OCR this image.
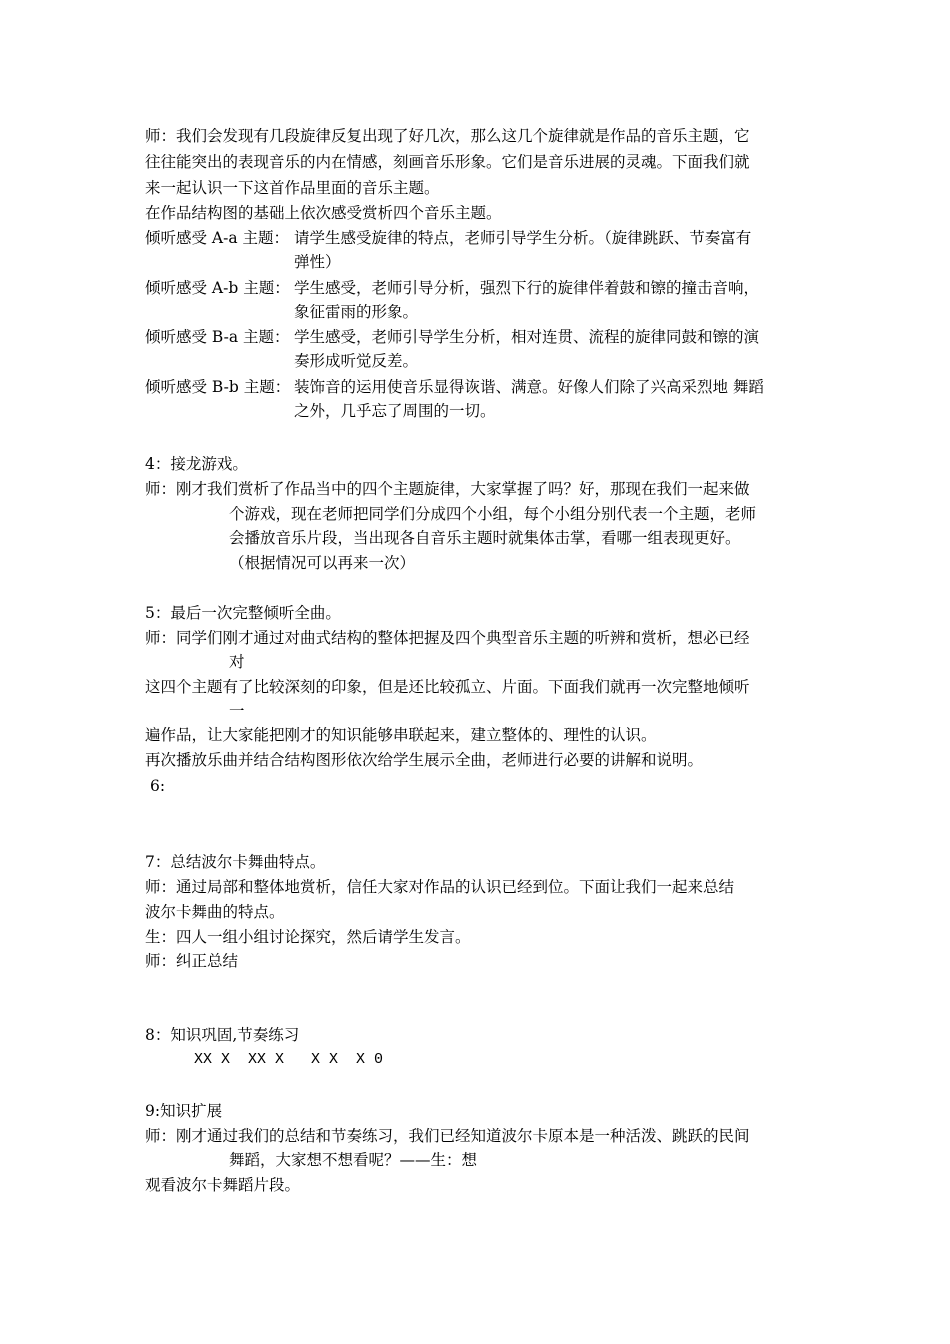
师：我们会发现有几段旋律反复出现了好几次，那么这几个旋律就是作品的音乐主题，它
往往能突出的表现音乐的内在情感，刻画音乐形象。它们是音乐进展的灵魂。下面我们就
来一起认识一下这首作品里面的音乐主题。
在作品结构图的基础上依次感受赏析四个音乐主题。
倾听感受 A-a 主题： 请学生感受旋律的特点，老师引导学生分析。（旋律跳跃、节奏富有
弹性）
倾听感受 A-b 主题： 学生感受，老师引导分析，强烈下行的旋律伴着鼓和镲的撞击音响，
象征雷雨的形象。
倾听感受 B-a 主题： 学生感受，老师引导学生分析，相对连贯、流程的旋律同鼓和镲的演
奏形成听觉反差。
倾听感受 B-b 主题： 装饰音的运用使音乐显得诙谐、满意。好像人们除了兴高采烈地 舞蹈
之外，几乎忘了周围的一切。
4：接龙游戏。
师：刚才我们赏析了作品当中的四个主题旋律，大家掌握了吗？好，那现在我们一起来做
个游戏，现在老师把同学们分成四个小组，每个小组分别代表一个主题，老师
会播放音乐片段，当出现各自音乐主题时就集体击掌，看哪一组表现更好。
（根据情况可以再来一次）
5：最后一次完整倾听全曲。
师：同学们刚才通过对曲式结构的整体把握及四个典型音乐主题的听辨和赏析，想必已经
对
这四个主题有了比较深刻的印象，但是还比较孤立、片面。下面我们就再一次完整地倾听
一
遍作品，让大家能把刚才的知识能够串联起来，建立整体的、理性的认识。
再次播放乐曲并结合结构图形依次给学生展示全曲，老师进行必要的讲解和说明。
6:
7：总结波尔卡舞曲特点。
师：通过局部和整体地赏析，信任大家对作品的认识已经到位。下面让我们一起来总结
波尔卡舞曲的特点。
生：四人一组小组讨论探究，然后请学生发言。
师：纠正总结
8：知识巩固,节奏练习
XX X  XX X   X X  X 0
9:知识扩展
师：刚才通过我们的总结和节奏练习，我们已经知道波尔卡原本是一种活泼、跳跃的民间
舞蹈，大家想不想看呢？——生：想
观看波尔卡舞蹈片段。
